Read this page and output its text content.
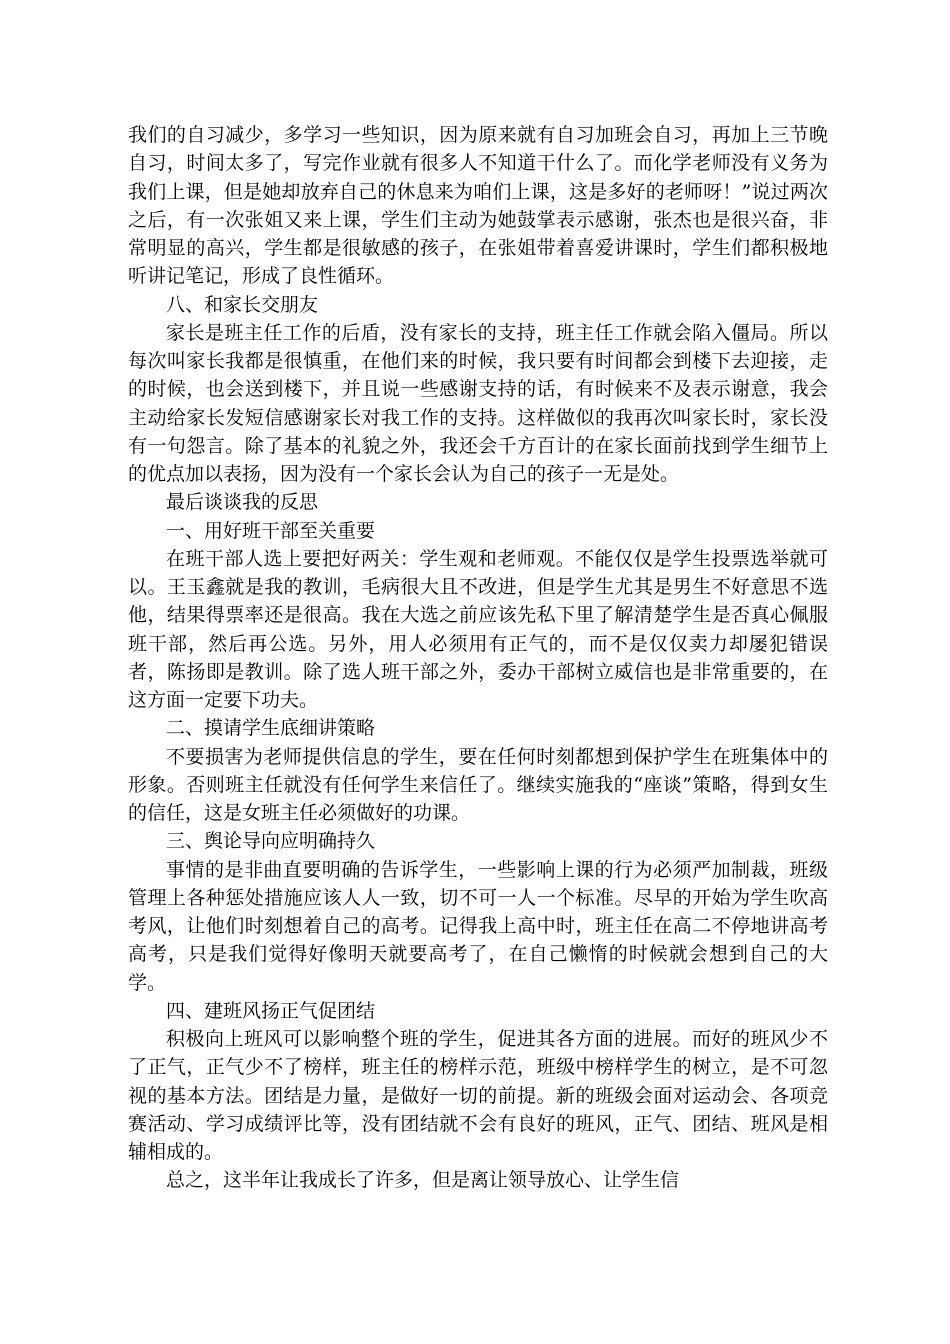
我们的自习减少，多学习一些知识，因为原来就有自习加班会自习，再加上三节晚自习，时间太多了，写完作业就有很多人不知道干什么了。而化学老师没有义务为我们上课，但是她却放弃自己的休息来为咱们上课，这是多好的老师呀！”说过两次之后，有一次张姐又来上课，学生们主动为她鼓掌表示感谢，张杰也是很兴奋，非常明显的高兴，学生都是很敏感的孩子，在张姐带着喜爱讲课时，学生们都积极地听讲记笔记，形成了良性循环。

八、和家长交朋友

家长是班主任工作的后盾，没有家长的支持，班主任工作就会陷入僵局。所以每次叫家长我都是很慎重，在他们来的时候，我只要有时间都会到楼下去迎接，走的时候，也会送到楼下，并且说一些感谢支持的话，有时候来不及表示谢意，我会主动给家长发短信感谢家长对我工作的支持。这样做似的我再次叫家长时，家长没有一句怨言。除了基本的礼貌之外，我还会千方百计的在家长面前找到学生细节上的优点加以表扬，因为没有一个家长会认为自己的孩子一无是处。

最后谈谈我的反思

一、用好班干部至关重要

在班干部人选上要把好两关：学生观和老师观。不能仅仅是学生投票选举就可以。王玉鑫就是我的教训，毛病很大且不改进，但是学生尤其是男生不好意思不选他，结果得票率还是很高。我在大选之前应该先私下里了解清楚学生是否真心佩服班干部，然后再公选。另外，用人必须用有正气的，而不是仅仅卖力却屡犯错误者，陈扬即是教训。除了选人班干部之外，委办干部树立威信也是非常重要的，在这方面一定要下功夫。

二、摸请学生底细讲策略

不要损害为老师提供信息的学生，要在任何时刻都想到保护学生在班集体中的形象。否则班主任就没有任何学生来信任了。继续实施我的“座谈”策略，得到女生的信任，这是女班主任必须做好的功课。

三、舆论导向应明确持久

事情的是非曲直要明确的告诉学生，一些影响上课的行为必须严加制裁，班级管理上各种惩处措施应该人人一致，切不可一人一个标准。尽早的开始为学生吹高考风，让他们时刻想着自己的高考。记得我上高中时，班主任在高二不停地讲高考高考，只是我们觉得好像明天就要高考了，在自己懒惰的时候就会想到自己的大学。

四、建班风扬正气促团结

积极向上班风可以影响整个班的学生，促进其各方面的进展。而好的班风少不了正气，正气少不了榜样，班主任的榜样示范，班级中榜样学生的树立，是不可忽视的基本方法。团结是力量，是做好一切的前提。新的班级会面对运动会、各项竞赛活动、学习成绩评比等，没有团结就不会有良好的班风，正气、团结、班风是相辅相成的。

总之，这半年让我成长了许多，但是离让领导放心、让学生信
